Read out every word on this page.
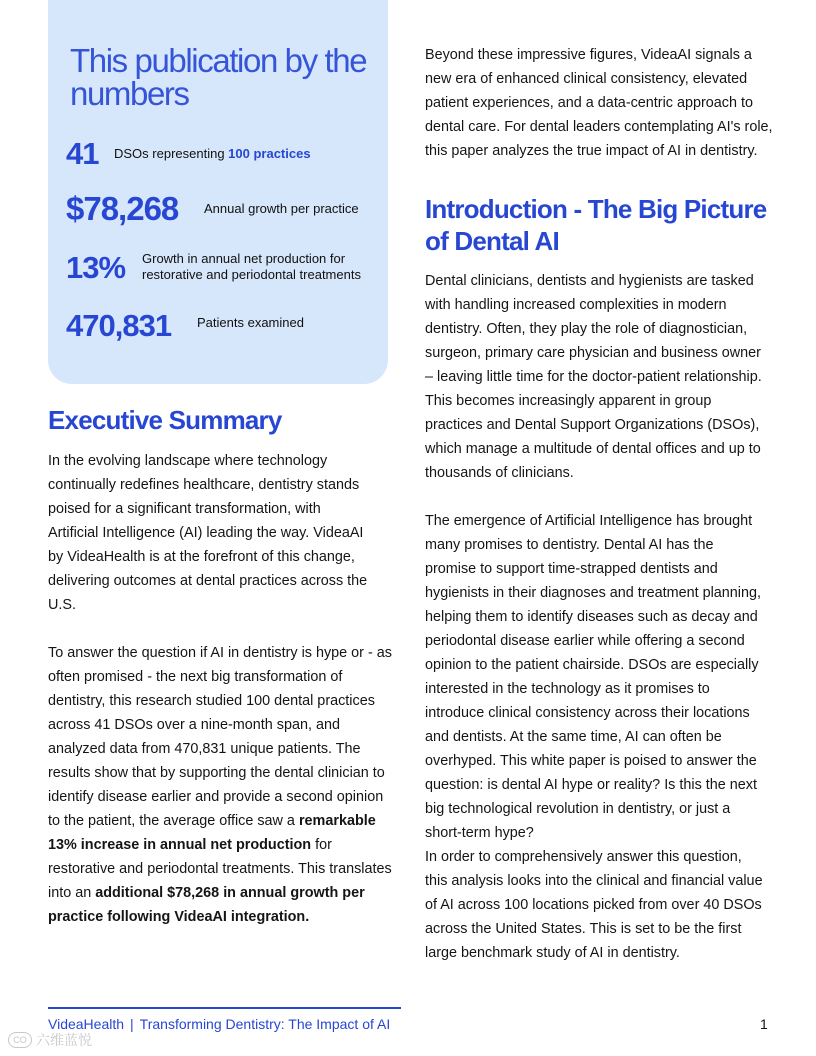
This publication by the numbers
41	DSOs representing 100 practices
$78,268	Annual growth per practice
13%	Growth in annual net production for
restorative and periodontal treatments
470,831	Patients examined
Executive Summary

In the evolving landscape where technology continually redefines healthcare, dentistry stands poised for a significant transformation, with Artificial Intelligence (AI) leading the way. VideaAI by VideaHealth is at the forefront of this change, delivering outcomes at dental practices across the U.S.

To answer the question if AI in dentistry is hype or - as often promised - the next big transformation of dentistry, this research studied 100 dental practices across 41 DSOs over a nine-month span, and analyzed data from 470,831 unique patients. The results show that by supporting the dental clinician to identify disease earlier and provide a second opinion to the patient, the average office saw a remarkable 13% increase in annual net production for restorative and periodontal treatments. This translates into an additional $78,268 in annual growth per practice following VideaAI integration.

Beyond these impressive figures, VideaAI signals a new era of enhanced clinical consistency, elevated patient experiences, and a data-centric approach to dental care. For dental leaders contemplating AI's role, this paper analyzes the true impact of AI in dentistry.

Introduction - The Big Picture of Dental AI

Dental clinicians, dentists and hygienists are tasked with handling increased complexities in modern dentistry. Often, they play the role of diagnostician, surgeon, primary care physician and business owner – leaving little time for the doctor-patient relationship. This becomes increasingly apparent in group practices and Dental Support Organizations (DSOs), which manage a multitude of dental offices and up to thousands of clinicians.

The emergence of Artificial Intelligence has brought many promises to dentistry. Dental AI has the promise to support time-strapped dentists and hygienists in their diagnoses and treatment planning, helping them to identify diseases such as decay and periodontal disease earlier while offering a second opinion to the patient chairside. DSOs are especially interested in the technology as it promises to introduce clinical consistency across their locations and dentists. At the same time, AI can often be overhyped. This white paper is poised to answer the question: is dental AI hype or reality? Is this the next big technological revolution in dentistry, or just a short-term hype?

In order to comprehensively answer this question, this analysis looks into the clinical and financial value of AI across 100 locations picked from over 40 DSOs across the United States. This is set to be the first large benchmark study of AI in dentistry.

VideaHealth | Transforming Dentistry: The Impact of AI	1
CO 六维蓝悦
